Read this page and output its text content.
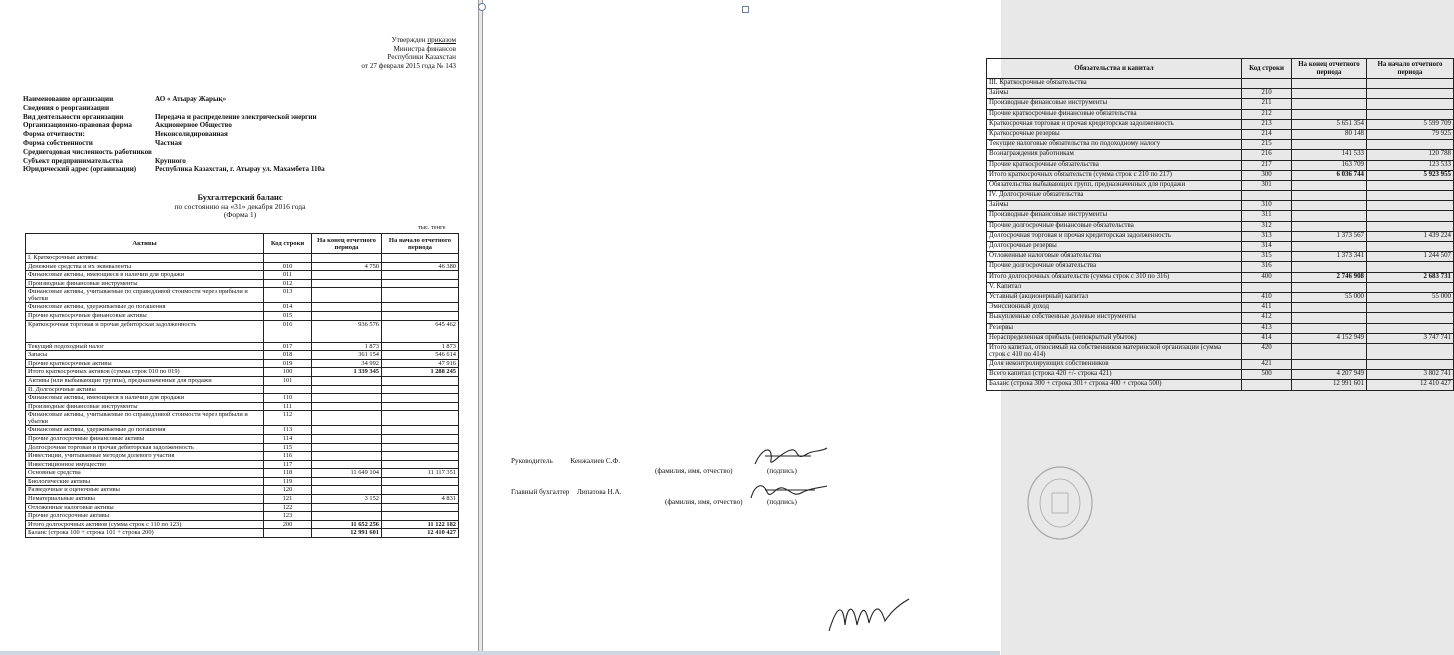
Утвержден приказом
Министра финансов
Республики Казахстан
от 27 февраля 2015 года № 143
Наименование организации	АО « Атырау Жарық»
Сведения о реорганизации
Вид деятельности организации	Передача и распределение электрической энергии
Организационно-правовая форма	Акционерное Общество
Форма отчетности:	Неконсолидированная
Форма собственности	Частная
Среднегодовая численность работников
Субъект предпринимательства	Крупного
Юридический адрес (организации)	Республика Казахстан, г. Атырау ул. Махамбета 110а
Бухгалтерский баланс
по состоянию на «31» декабря 2016 года
(Форма 1)
тыс. тенге
Активы	Код строки	На конец отчетного периода	На начало отчетного периода
I. Краткосрочные активы:			
Денежные средства и их эквиваленты	010	4 750	46 380
Финансовые активы, имеющиеся в наличии для продажи	011		
Производные финансовые инструменты	012		
Финансовые активы, учитываемые по справедливой стоимости через прибыли и убытки	013		
Финансовые активы, удерживаемые до погашения	014		
Прочие краткосрочные финансовые активы	015		
Краткосрочная торговая и прочая дебиторская задолженность	016	936 576	645 462
Текущий подоходный налог	017	1 873	1 873
Запасы	018	361 154	546 614
Прочие краткосрочные активы	019	34 992	47 916
Итого краткосрочных активов (сумма строк 010 по 019)	100	1 339 345	1 288 245
Активы (или выбывающие группы), предназначенные для продажи	101		
II. Долгосрочные активы			
Финансовые активы, имеющиеся в наличии для продажи	110		
Производные финансовые инструменты	111		
Финансовые активы, учитываемые по справедливой стоимости через прибыли и убытки	112		
Финансовые активы, удерживаемые до погашения	113		
Прочие долгосрочные финансовые активы	114		
Долгосрочная торговая и прочая дебиторская задолженность	115		
Инвестиции, учитываемые методом долевого участия	116		
Инвестиционное имущество	117		
Основные средства	118	11 649 104	11 117 351
Биологические активы	119		
Разведочные и оценочные активы	120		
Нематериальные активы	121	3 152	4 831
Отложенные налоговые активы	122		
Прочие долгосрочные активы	123		
Итого долгосрочных активов (сумма строк с 110 по 123)	200	11 652 256	11 122 182
Баланс (строка 100 + строка 101 + строка 200)		12 991 601	12 410 427
Обязательства и капитал	Код строки	На конец отчетного периода	На начало отчетного периода
III. Краткосрочные обязательства			
Займы	210		
Производные финансовые инструменты	211		
Прочие краткосрочные финансовые обязательства	212		
Краткосрочная торговая и прочая кредиторская задолженность	213	5 651 354	5 599 709
Краткосрочные резервы	214	80 148	79 925
Текущие налоговые обязательства по подоходному налогу	215		
Вознаграждения работникам	216	141 533	120 788
Прочие краткосрочные обязательства	217	163 709	123 533
Итого краткосрочных обязательств (сумма строк с 210 по 217)	300	6 036 744	5 923 955
Обязательства выбывающих групп, предназначенных для продажи	301		
IV. Долгосрочные обязательства			
Займы	310		
Производные финансовые инструменты	311		
Прочие долгосрочные финансовые обязательства	312		
Долгосрочная торговая и прочая кредиторская задолженность	313	1 373 567	1 439 224
Долгосрочные резервы	314		
Отложенные налоговые обязательства	315	1 373 341	1 244 507
Прочие долгосрочные обязательства	316		
Итого долгосрочных обязательств (сумма строк с 310 по 316)	400	2 746 908	2 683 731
V. Капитал			
Уставный (акционерный) капитал	410	55 000	55 000
Эмиссионный доход	411		
Выкупленные собственные долевые инструменты	412		
Резервы	413		
Нераспределенная прибыль (непокрытый убыток)	414	4 152 949	3 747 741
Итого капитал, относимый на собственников материнской организации (сумма строк с 410 по 414)	420		
Доля неконтролирующих собственников	421		
Всего капитал (строка 420 +/- строка 421)	500	4 207 949	3 802 741
Баланс (строка 300 + строка 301+ строка 400 + строка 500)		12 991 601	12 410 427
Руководитель Кенжалиев С.Ф.
(фамилия, имя, отчество)	(подпись)
Главный бухгалтер Липатова Н.А.
(фамилия, имя, отчество)	(подпись)
